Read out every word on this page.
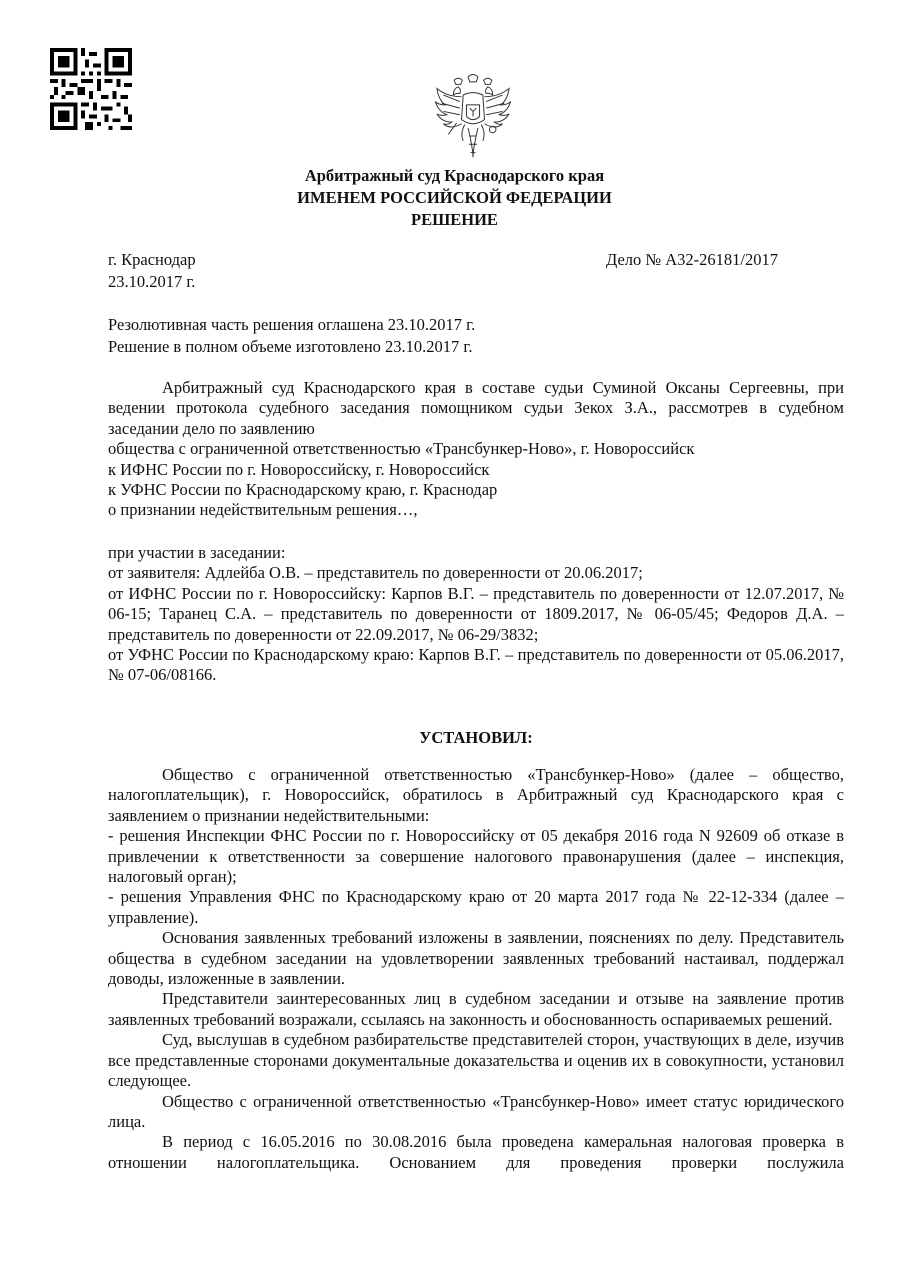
Арбитражный суд Краснодарского края
ИМЕНЕМ РОССИЙСКОЙ ФЕДЕРАЦИИ
РЕШЕНИЕ
г. Краснодар
23.10.2017 г.
Дело № А32-26181/2017
Резолютивная часть решения оглашена 23.10.2017 г.
Решение в полном объеме изготовлено 23.10.2017 г.

Арбитражный суд Краснодарского края в составе судьи Суминой Оксаны Сергеевны, при ведении протокола судебного заседания помощником судьи Зекох З.А., рассмотрев в судебном заседании дело по заявлению

общества с ограниченной ответственностью «Трансбункер-Ново», г. Новороссийск

к ИФНС России по г. Новороссийску, г. Новороссийск

к УФНС России по Краснодарскому краю, г. Краснодар

о признании недействительным решения…,

при участии в заседании:

от заявителя: Адлейба О.В. – представитель по доверенности от 20.06.2017;

от ИФНС России по г. Новороссийску: Карпов В.Г. – представитель по доверенности от 12.07.2017, № 06-15; Таранец С.А. – представитель по доверенности от 1809.2017, № 06-05/45; Федоров Д.А. – представитель по доверенности от 22.09.2017, № 06-29/3832;

от УФНС России по Краснодарскому краю: Карпов В.Г. – представитель по доверенности от 05.06.2017, № 07-06/08166.

УСТАНОВИЛ:

Общество с ограниченной ответственностью «Трансбункер-Ново» (далее – общество, налогоплательщик), г. Новороссийск, обратилось в Арбитражный суд Краснодарского края с заявлением о признании недействительными:

- решения Инспекции ФНС России по г. Новороссийску от 05 декабря 2016 года N 92609 об отказе в привлечении к ответственности за совершение налогового правонарушения (далее – инспекция, налоговый орган);

- решения Управления ФНС по Краснодарскому краю от 20 марта 2017 года № 22-12-334 (далее – управление).

Основания заявленных требований изложены в заявлении, пояснениях по делу. Представитель общества в судебном заседании на удовлетворении заявленных требований настаивал, поддержал доводы, изложенные в заявлении.

Представители заинтересованных лиц в судебном заседании и отзыве на заявление против заявленных требований возражали, ссылаясь на законность и обоснованность оспариваемых решений.

Суд, выслушав в судебном разбирательстве представителей сторон, участвующих в деле, изучив все представленные сторонами документальные доказательства и оценив их в совокупности, установил следующее.

Общество с ограниченной ответственностью «Трансбункер-Ново» имеет статус юридического лица.

В период с 16.05.2016 по 30.08.2016 была проведена камеральная налоговая проверка в отношении налогоплательщика. Основанием для проведения проверки послужила
